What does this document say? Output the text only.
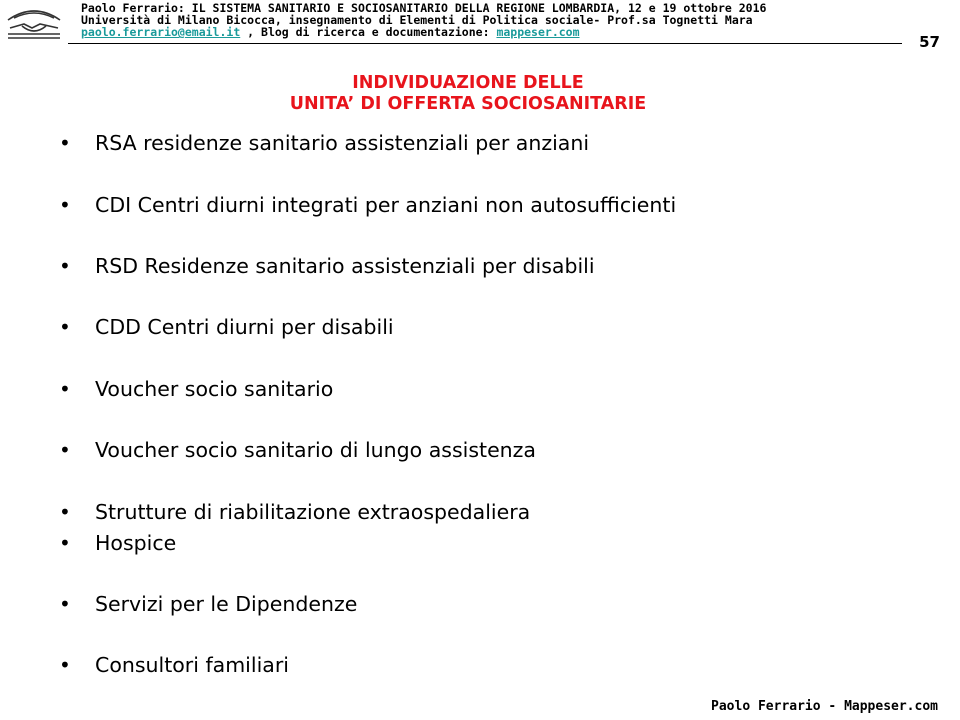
Paolo Ferrario: IL SISTEMA SANITARIO E SOCIOSANITARIO DELLA REGIONE LOMBARDIA, 12 e 19 ottobre 2016
Università di Milano Bicocca, insegnamento di Elementi di Politica sociale- Prof.sa Tognetti Mara
paolo.ferrario@email.it , Blog di ricerca e documentazione: mappeser.com
57
INDIVIDUAZIONE DELLE
UNITA’ DI OFFERTA SOCIOSANITARIE
• RSA residenze sanitario assistenziali per anziani
• CDI Centri diurni integrati per anziani non autosufficienti
• RSD Residenze sanitario assistenziali per disabili
• CDD Centri diurni per disabili
• Voucher socio sanitario
• Voucher socio sanitario di lungo assistenza
• Strutture di riabilitazione extraospedaliera
• Hospice
• Servizi per le Dipendenze
• Consultori familiari
Paolo Ferrario - Mappeser.com
